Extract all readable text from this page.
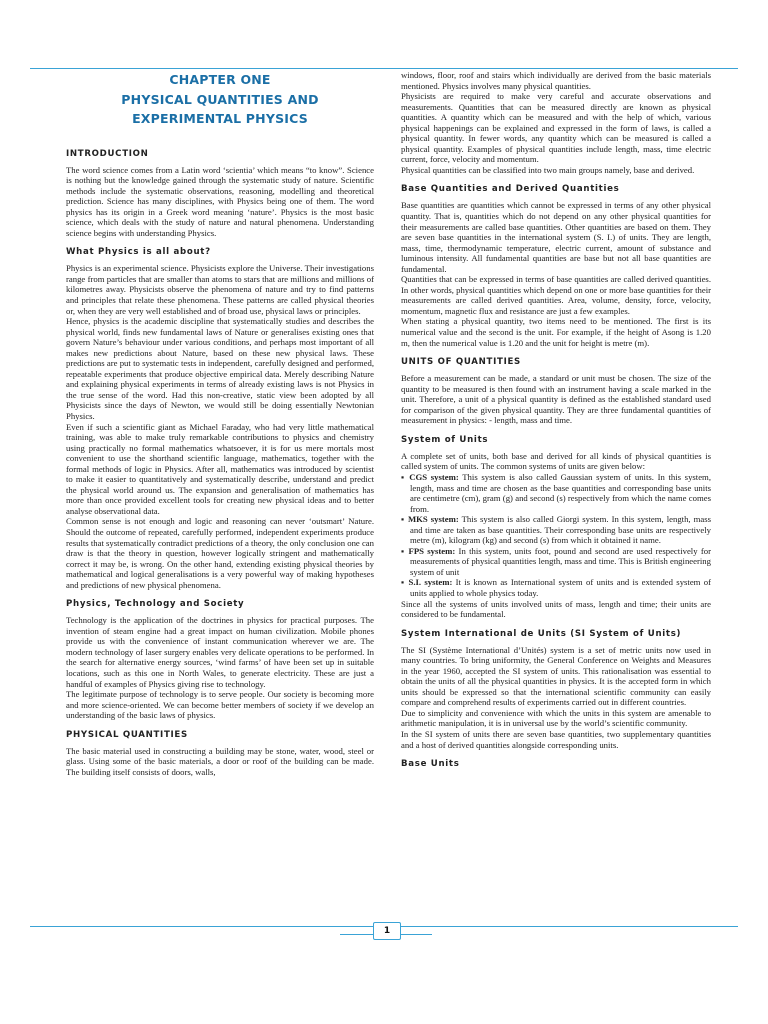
CHAPTER ONE
PHYSICAL QUANTITIES AND
EXPERIMENTAL PHYSICS
INTRODUCTION

The word science comes from a Latin word ‘scientia’ which means “to know”. Science is nothing but the knowledge gained through the systematic study of nature. Scientific methods include the systematic observations, reasoning, modelling and theoretical prediction. Science has many disciplines, with Physics being one of them. The word physics has its origin in a Greek word meaning ‘nature’. Physics is the most basic science, which deals with the study of nature and natural phenomena. Understanding science begins with understanding Physics.

What Physics is all about?

Physics is an experimental science. Physicists explore the Universe. Their investigations range from particles that are smaller than atoms to stars that are millions and millions of kilometres away. Physicists observe the phenomena of nature and try to find patterns and principles that relate these phenomena. These patterns are called physical theories or, when they are very well established and of broad use, physical laws or principles.

Hence, physics is the academic discipline that systematically studies and describes the physical world, finds new fundamental laws of Nature or generalises existing ones that govern Nature’s behaviour under various conditions, and perhaps most important of all makes new predictions about Nature, based on these new physical laws. These predictions are put to systematic tests in independent, carefully designed and performed, repeatable experiments that produce objective empirical data. Merely describing Nature and explaining physical experiments in terms of already existing laws is not Physics in the true sense of the word. Had this non-creative, static view been adopted by all Physicists since the days of Newton, we would still be doing essentially Newtonian Physics.

Even if such a scientific giant as Michael Faraday, who had very little mathematical training, was able to make truly remarkable contributions to physics and chemistry using practically no formal mathematics whatsoever, it is for us mere mortals most convenient to use the shorthand scientific language, mathematics, together with the formal methods of logic in Physics. After all, mathematics was introduced by scientist to make it easier to quantitatively and systematically describe, understand and predict the physical world around us. The expansion and generalisation of mathematics has more than once provided excellent tools for creating new physical ideas and to better analyse observational data.

Common sense is not enough and logic and reasoning can never ‘outsmart’ Nature. Should the outcome of repeated, carefully performed, independent experiments produce results that systematically contradict predictions of a theory, the only conclusion one can draw is that the theory in question, however logically stringent and mathematically correct it may be, is wrong. On the other hand, extending existing physical theories by mathematical and logical generalisations is a very powerful way of making hypotheses and predictions of new physical phenomena.

Physics, Technology and Society

Technology is the application of the doctrines in physics for practical purposes. The invention of steam engine had a great impact on human civilization. Mobile phones provide us with the convenience of instant communication wherever we are. The modern technology of laser surgery enables very delicate operations to be performed. In the search for alternative energy sources, ‘wind farms’ of have been set up in suitable locations, such as this one in North Wales, to generate electricity. These are just a handful of examples of Physics giving rise to technology.

The legitimate purpose of technology is to serve people. Our society is becoming more and more science-oriented. We can become better members of society if we develop an understanding of the basic laws of physics.

PHYSICAL QUANTITIES

The basic material used in constructing a building may be stone, water, wood, steel or glass. Using some of the basic materials, a door or roof of the building can be made. The building itself consists of doors, walls,

windows, floor, roof and stairs which individually are derived from the basic materials mentioned. Physics involves many physical quantities.

Physicists are required to make very careful and accurate observations and measurements. Quantities that can be measured directly are known as physical quantities. A quantity which can be measured and with the help of which, various physical happenings can be explained and expressed in the form of laws, is called a physical quantity. In fewer words, any quantity which can be measured is called a physical quantity. Examples of physical quantities include length, mass, time electric current, force, velocity and momentum.

Physical quantities can be classified into two main groups namely, base and derived.

Base Quantities and Derived Quantities

Base quantities are quantities which cannot be expressed in terms of any other physical quantity. That is, quantities which do not depend on any other physical quantities for their measurements are called base quantities. Other quantities are based on them. They are seven base quantities in the international system (S. I.) of units. They are length, mass, time, thermodynamic temperature, electric current, amount of substance and luminous intensity. All fundamental quantities are base but not all base quantities are fundamental.

Quantities that can be expressed in terms of base quantities are called derived quantities. In other words, physical quantities which depend on one or more base quantities for their measurements are called derived quantities. Area, volume, density, force, velocity, momentum, magnetic flux and resistance are just a few examples.

When stating a physical quantity, two items need to be mentioned. The first is its numerical value and the second is the unit. For example, if the height of Asong is 1.20 m, then the numerical value is 1.20 and the unit for height is metre (m).

UNITS OF QUANTITIES

Before a measurement can be made, a standard or unit must be chosen. The size of the quantity to be measured is then found with an instrument having a scale marked in the unit. Therefore, a unit of a physical quantity is defined as the established standard used for comparison of the given physical quantity. They are three fundamental quantities of measurement in physics: - length, mass and time.

System of Units

A complete set of units, both base and derived for all kinds of physical quantities is called system of units. The common systems of units are given below:

▪ CGS system: This system is also called Gaussian system of units. In this system, length, mass and time are chosen as the base quantities and corresponding base units are centimetre (cm), gram (g) and second (s) respectively from which the name comes from.

▪ MKS system: This system is also called Giorgi system. In this system, length, mass and time are taken as base quantities. Their corresponding base units are respectively metre (m), kilogram (kg) and second (s) from which it obtained it name.

▪ FPS system: In this system, units foot, pound and second are used respectively for measurements of physical quantities length, mass and time. This is British engineering system of unit

▪ S.I. system: It is known as International system of units and is extended system of units applied to whole physics today.

Since all the systems of units involved units of mass, length and time; their units are considered to be fundamental.

System International de Units (SI System of Units)

The SI (Système International d’Unités) system is a set of metric units now used in many countries. To bring uniformity, the General Conference on Weights and Measures in the year 1960, accepted the SI system of units. This rationalisation was essential to obtain the units of all the physical quantities in physics. It is the accepted form in which units should be expressed so that the international scientific community can easily compare and comprehend results of experiments carried out in different countries.

Due to simplicity and convenience with which the units in this system are amenable to arithmetic manipulation, it is in universal use by the world’s scientific community.

In the SI system of units there are seven base quantities, two supplementary quantities and a host of derived quantities alongside corresponding units.

Base Units
1
